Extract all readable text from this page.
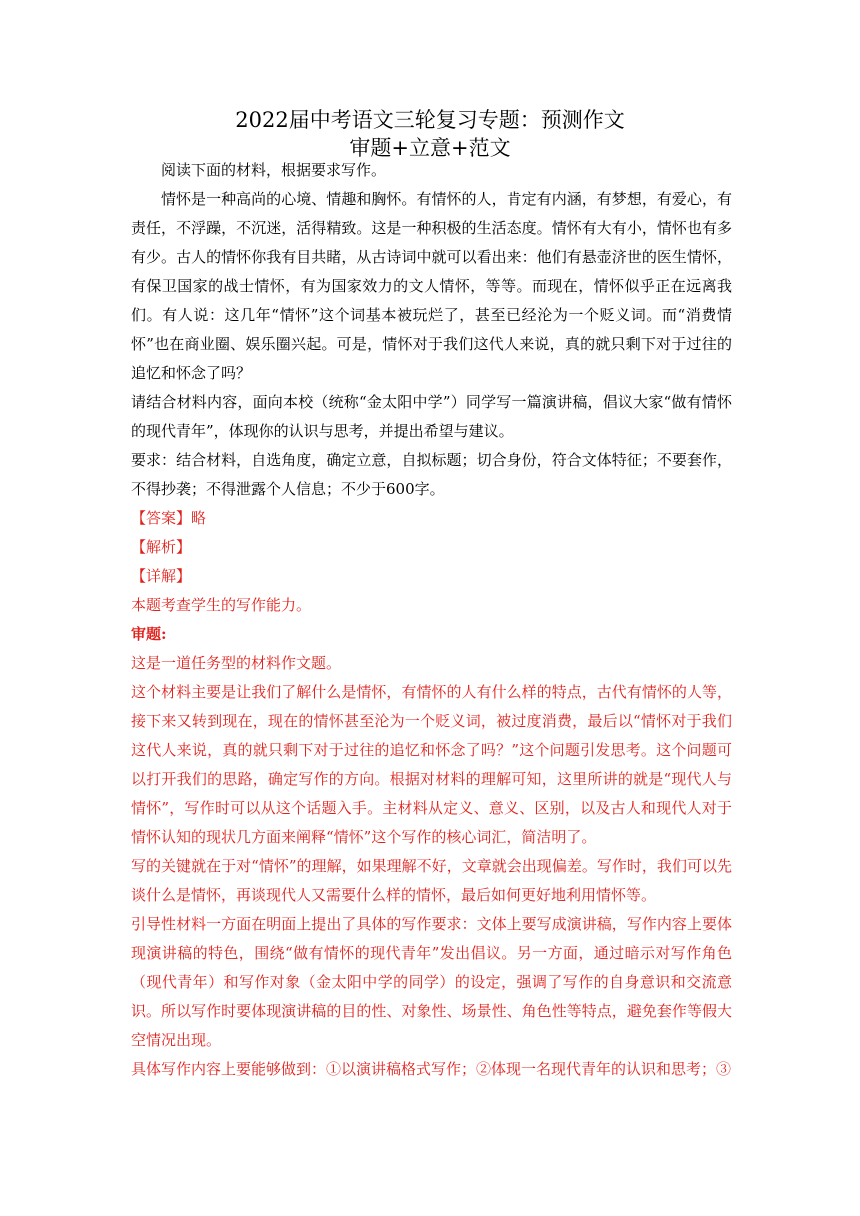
2022届中考语文三轮复习专题：预测作文
审题+立意+范文

阅读下面的材料，根据要求写作。

情怀是一种高尚的心境、情趣和胸怀。有情怀的人，肯定有内涵，有梦想，有爱心，有责任，不浮躁，不沉迷，活得精致。这是一种积极的生活态度。情怀有大有小，情怀也有多有少。古人的情怀你我有目共睹，从古诗词中就可以看出来：他们有悬壶济世的医生情怀，有保卫国家的战士情怀，有为国家效力的文人情怀，等等。而现在，情怀似乎正在远离我们。有人说：这几年“情怀”这个词基本被玩烂了，甚至已经沦为一个贬义词。而“消费情怀”也在商业圈、娱乐圈兴起。可是，情怀对于我们这代人来说，真的就只剩下对于过往的追忆和怀念了吗？

请结合材料内容，面向本校（统称“金太阳中学”）同学写一篇演讲稿，倡议大家“做有情怀的现代青年”，体现你的认识与思考，并提出希望与建议。

要求：结合材料，自选角度，确定立意，自拟标题；切合身份，符合文体特征；不要套作，不得抄袭；不得泄露个人信息；不少于600字。

【答案】略

【解析】

【详解】

本题考查学生的写作能力。

审题:

这是一道任务型的材料作文题。

这个材料主要是让我们了解什么是情怀，有情怀的人有什么样的特点，古代有情怀的人等，接下来又转到现在，现在的情怀甚至沦为一个贬义词，被过度消费，最后以“情怀对于我们这代人来说，真的就只剩下对于过往的追忆和怀念了吗？”这个问题引发思考。这个问题可以打开我们的思路，确定写作的方向。根据对材料的理解可知，这里所讲的就是“现代人与情怀”，写作时可以从这个话题入手。主材料从定义、意义、区别，以及古人和现代人对于情怀认知的现状几方面来阐释“情怀”这个写作的核心词汇，简洁明了。

写的关键就在于对“情怀”的理解，如果理解不好，文章就会出现偏差。写作时，我们可以先谈什么是情怀，再谈现代人又需要什么样的情怀，最后如何更好地利用情怀等。

引导性材料一方面在明面上提出了具体的写作要求：文体上要写成演讲稿，写作内容上要体现演讲稿的特色，围绕“做有情怀的现代青年”发出倡议。另一方面，通过暗示对写作角色（现代青年）和写作对象（金太阳中学的同学）的设定，强调了写作的自身意识和交流意识。所以写作时要体现演讲稿的目的性、对象性、场景性、角色性等特点，避免套作等假大空情况出现。

具体写作内容上要能够做到：①以演讲稿格式写作；②体现一名现代青年的认识和思考；③
